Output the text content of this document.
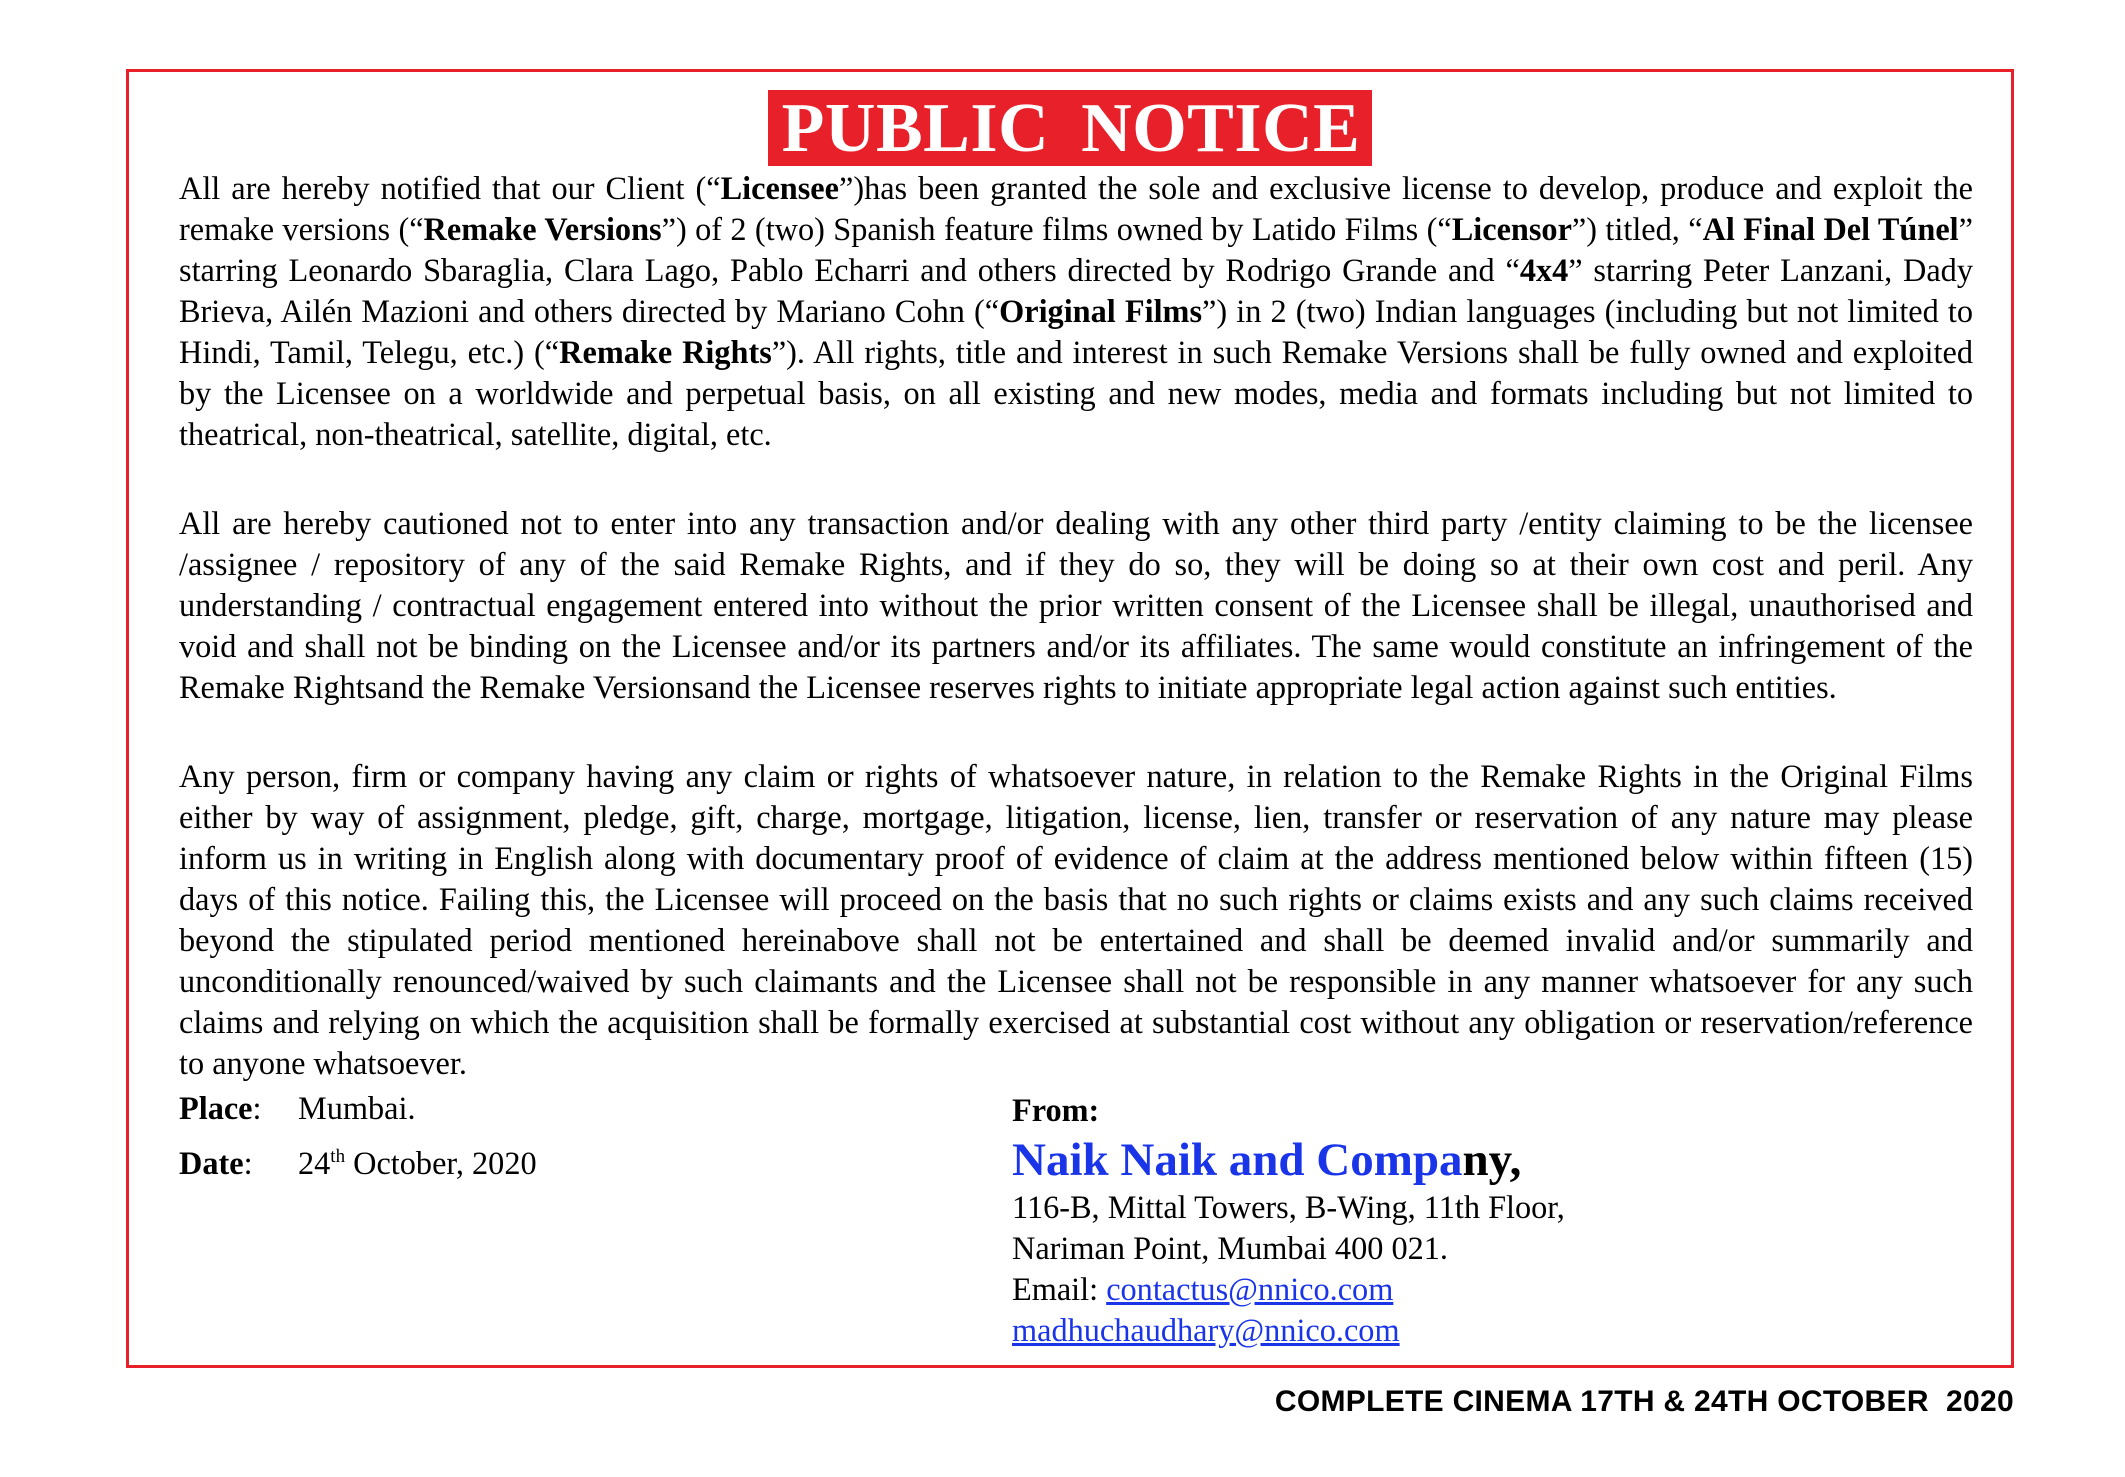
PUBLIC NOTICE

All are hereby notified that our Client (“Licensee”)has been granted the sole and exclusive license to develop, produce and exploit the remake versions (“Remake Versions”) of 2 (two) Spanish feature films owned by Latido Films (“Licensor”) titled, “Al Final Del Túnel” starring Leonardo Sbaraglia, Clara Lago, Pablo Echarri and others directed by Rodrigo Grande and “4x4” starring Peter Lanzani, Dady Brieva, Ailén Mazioni and others directed by Mariano Cohn (“Original Films”) in 2 (two) Indian languages (including but not limited to Hindi, Tamil, Telegu, etc.) (“Remake Rights”). All rights, title and interest in such Remake Versions shall be fully owned and exploited by the Licensee on a worldwide and perpetual basis, on all existing and new modes, media and formats including but not limited to theatrical, non-theatrical, satellite, digital, etc.

All are hereby cautioned not to enter into any transaction and/or dealing with any other third party /entity claiming to be the licensee /assignee / repository of any of the said Remake Rights, and if they do so, they will be doing so at their own cost and peril. Any understanding / contractual engagement entered into without the prior written consent of the Licensee shall be illegal, unauthorised and void and shall not be binding on the Licensee and/or its partners and/or its affiliates. The same would constitute an infringement of the Remake Rightsand the Remake Versionsand the Licensee reserves rights to initiate appropriate legal action against such entities.

Any person, firm or company having any claim or rights of whatsoever nature, in relation to the Remake Rights in the Original Films either by way of assignment, pledge, gift, charge, mortgage, litigation, license, lien, transfer or reservation of any nature may please inform us in writing in English along with documentary proof of evidence of claim at the address mentioned below within fifteen (15) days of this notice. Failing this, the Licensee will proceed on the basis that no such rights or claims exists and any such claims received beyond the stipulated period mentioned hereinabove shall not be entertained and shall be deemed invalid and/or summarily and unconditionally renounced/waived by such claimants and the Licensee shall not be responsible in any manner whatsoever for any such claims and relying on which the acquisition shall be formally exercised at substantial cost without any obligation or reservation/reference to anyone whatsoever.

Place:	Mumbai.
Date:	24th October, 2020
From:
Naik Naik and Company,
116-B, Mittal Towers, B-Wing, 11th Floor,
Nariman Point, Mumbai 400 021.
Email: contactus@nnico.com
madhuchaudhary@nnico.com
COMPLETE CINEMA 17TH & 24TH OCTOBER  2020
